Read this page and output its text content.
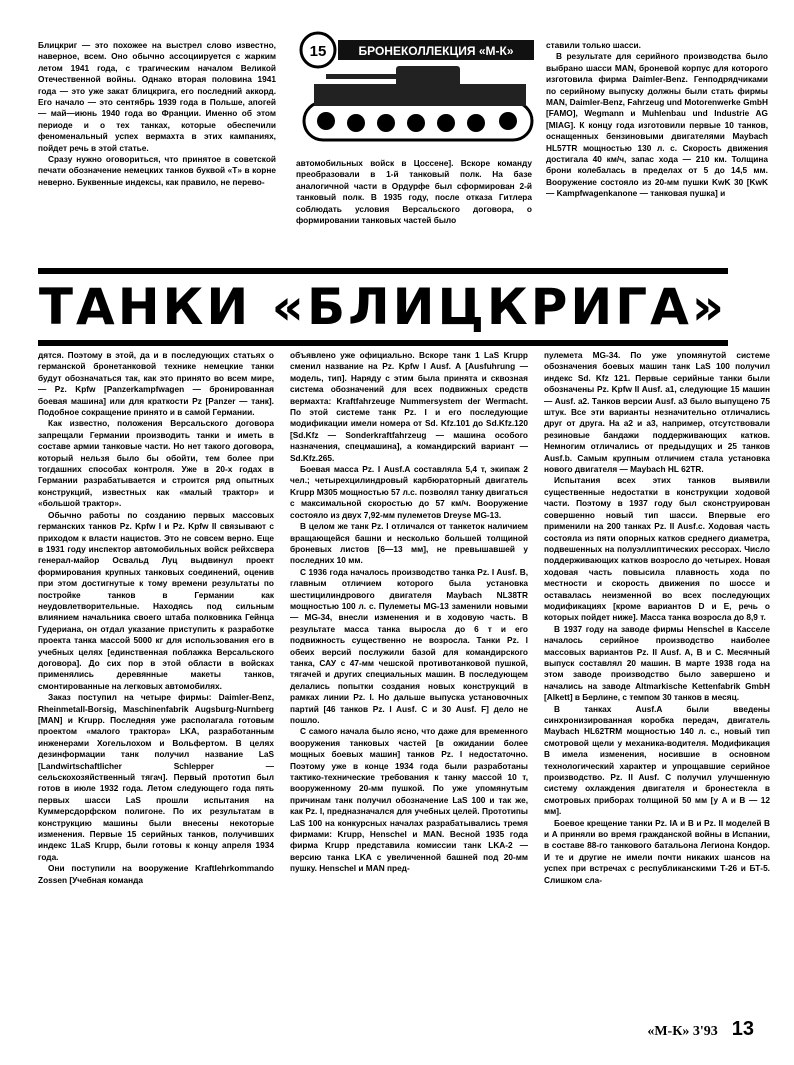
Блицкриг — это похожее на выстрел слово известно, наверное, всем. Оно обычно ассоциируется с жарким летом 1941 года, с трагическим началом Великой Отечественной войны. Однако вторая половина 1941 года — это уже закат блицкрига, его последний аккорд. Его начало — это сентябрь 1939 года в Польше, апогей — май—июнь 1940 года во Франции. Именно об этом периоде и о тех танках, которые обеспечили феноменальный успех вермахта в этих кампаниях, пойдет речь в этой статье.

Сразу нужно оговориться, что принятое в советской печати обозначение немецких танков буквой «Т» в корне неверно. Буквенные индексы, как правило, не перево-

15	БРОНЕКОЛЛЕКЦИЯ «М-К»

автомобильных войск в Цоссене]. Вскоре команду преобразовали в 1-й танковый полк. На базе аналогичной части в Ордурфе был сформирован 2-й танковый полк. В 1935 году, после отказа Гитлера соблюдать условия Версальского договора, о формировании танковых частей было

ставили только шасси.

В результате для серийного производства было выбрано шасси MAN, броневой корпус для которого изготовила фирма Daimler-Benz. Генподрядчиками по серийному выпуску должны были стать фирмы MAN, Daimler-Benz, Fahrzeug und Motorenwerke GmbH [FAMO], Wegmann и Muhlenbau und Industrie AG [MIAG]. К концу года изготовили первые 10 танков, оснащенных бензиновыми двигателями Maybach HL57TR мощностью 130 л. с. Скорость движения достигала 40 км/ч, запас хода — 210 км. Толщина брони колебалась в пределах от 5 до 14,5 мм. Вооружение состояло из 20-мм пушки KwK 30 [KwK — Kampfwagenkanone — танковая пушка] и

ТАНКИ «БЛИЦКРИГА»

дятся. Поэтому в этой, да и в последующих статьях о германской бронетанковой технике немецкие танки будут обозначаться так, как это принято во всем мире, — Pz. Kpfw [Panzerkampfwagen — бронированная боевая машина] или для краткости Pz [Panzer — танк]. Подобное сокращение принято и в самой Германии.

Как известно, положения Версальского договора запрещали Германии производить танки и иметь в составе армии танковые части. Но нет такого договора, который нельзя было бы обойти, тем более при тогдашних способах контроля. Уже в 20-х годах в Германии разрабатывается и строится ряд опытных конструкций, известных как «малый трактор» и «большой трактор».

Обычно работы по созданию первых массовых германских танков Pz. Kpfw I и Pz. Kpfw II связывают с приходом к власти нацистов. Это не совсем верно. Еще в 1931 году инспектор автомобильных войск рейхсвера генерал-майор Освальд Луц выдвинул проект формирования крупных танковых соединений, оценив при этом достигнутые к тому времени результаты по постройке танков в Германии как неудовлетворительные. Находясь под сильным влиянием начальника своего штаба полковника Гейнца Гудериана, он отдал указание приступить к разработке проекта танка массой 5000 кг для использования его в учебных целях [единственная поблажка Версальского договора]. До сих пор в этой области в войсках применялись деревянные макеты танков, смонтированные на легковых автомобилях.

Заказ поступил на четыре фирмы: Daimler-Benz, Rheinmetall-Borsig, Maschinenfabrik Augsburg-Nurnberg [MAN] и Krupp. Последняя уже располагала готовым проектом «малого трактора» LKA, разработанным инженерами Хогельлохом и Вольфертом. В целях дезинформации танк получил название LaS [Landwirtschaftlicher Schlepper — сельскохозяйственный тягач]. Первый прототип был готов в июле 1932 года. Летом следующего года пять первых шасси LaS прошли испытания на Куммерсдорфском полигоне. По их результатам в конструкцию машины были внесены некоторые изменения. Первые 15 серийных танков, получивших индекс 1LaS Krupp, были готовы к концу апреля 1934 года.

Они поступили на вооружение Kraftlehrkommando Zossen [Учебная команда

объявлено уже официально. Вскоре танк 1 LaS Krupp сменил название на Pz. Kpfw I Ausf. A [Ausfuhrung — модель, тип]. Наряду с этим была принята и сквозная система обозначений для всех подвижных средств вермахта: Kraftfahrzeuge Nummersystem der Wermacht. По этой системе танк Pz. I и его последующие модификации имели номера от Sd. Kfz.101 до Sd.Kfz.120 [Sd.Kfz — Sonderkraftfahrzeug — машина особого назначения, спецмашина], а командирский вариант — Sd.Kfz.265.

Боевая масса Pz. I Ausf.A составляла 5,4 т, экипаж 2 чел.; четырехцилиндровый карбюраторный двигатель Krupp M305 мощностью 57 л.с. позволял танку двигаться с максимальной скоростью до 57 км/ч. Вооружение состояло из двух 7,92-мм пулеметов Dreyse MG-13.

В целом же танк Pz. I отличался от танкеток наличием вращающейся башни и несколько большей толщиной броневых листов [6—13 мм], не превышавшей у последних 10 мм.

С 1936 года началось производство танка Pz. I Ausf. B, главным отличием которого была установка шестицилиндрового двигателя Maybach NL38TR мощностью 100 л. с. Пулеметы MG-13 заменили новыми — MG-34, внесли изменения и в ходовую часть. В результате масса танка выросла до 6 т и его подвижность существенно не возросла. Танки Pz. I обеих версий послужили базой для командирского танка, САУ с 47-мм чешской противотанковой пушкой, тягачей и других специальных машин. В последующем делались попытки создания новых конструкций в рамках линии Pz. I. Но дальше выпуска установочных партий [46 танков Pz. I Ausf. C и 30 Ausf. F] дело не пошло.

С самого начала было ясно, что даже для временного вооружения танковых частей [в ожидании более мощных боевых машин] танков Pz. I недостаточно. Поэтому уже в конце 1934 года были разработаны тактико-технические требования к танку массой 10 т, вооруженному 20-мм пушкой. По уже упомянутым причинам танк получил обозначение LaS 100 и так же, как Pz. I, предназначался для учебных целей. Прототипы LaS 100 на конкурсных началах разрабатывались тремя фирмами: Krupp, Henschel и MAN. Весной 1935 года фирма Krupp представила комиссии танк LKA-2 — версию танка LKA с увеличенной башней под 20-мм пушку. Henschel и MAN пред-

пулемета MG-34. По уже упомянутой системе обозначения боевых машин танк LaS 100 получил индекс Sd. Kfz 121. Первые серийные танки были обозначены Pz. Kpfw II Ausf. a1, следующие 15 машин — Ausf. a2. Танков версии Ausf. a3 было выпущено 75 штук. Все эти варианты незначительно отличались друг от друга. На a2 и a3, например, отсутствовали резиновые бандажи поддерживающих катков. Немногим отличались от предыдущих и 25 танков Ausf.b. Самым крупным отличием стала установка нового двигателя — Maybach HL 62TR.

Испытания всех этих танков выявили существенные недостатки в конструкции ходовой части. Поэтому в 1937 году был сконструирован совершенно новый тип шасси. Впервые его применили на 200 танках Pz. II Ausf.c. Ходовая часть состояла из пяти опорных катков среднего диаметра, подвешенных на полуэллиптических рессорах. Число поддерживающих катков возросло до четырех. Новая ходовая часть повысила плавность хода по местности и скорость движения по шоссе и оставалась неизменной во всех последующих модификациях [кроме вариантов D и E, речь о которых пойдет ниже]. Масса танка возросла до 8,9 т.

В 1937 году на заводе фирмы Henschel в Касселе началось серийное производство наиболее массовых вариантов Pz. II Ausf. A, B и C. Месячный выпуск составлял 20 машин. В марте 1938 года на этом заводе производство было завершено и начались на заводе Altmarkische Kettenfabrik GmbH [Alkett] в Берлине, с темпом 30 танков в месяц.

В танках Ausf.A были введены синхронизированная коробка передач, двигатель Maybach HL62TRM мощностью 140 л. с., новый тип смотровой щели у механика-водителя. Модификация B имела изменения, носившие в основном технологический характер и упрощавшие серийное производство. Pz. II Ausf. C получил улучшенную систему охлаждения двигателя и бронестекла в смотровых приборах толщиной 50 мм [у A и B — 12 мм].

Боевое крещение танки Pz. IA и B и Pz. II моделей B и A приняли во время гражданской войны в Испании, в составе 88-го танкового батальона Легиона Кондор. И те и другие не имели почти никаких шансов на успех при встречах с республиканскими Т-26 и БТ-5. Слишком сла-

«М-К» 3'93 13
